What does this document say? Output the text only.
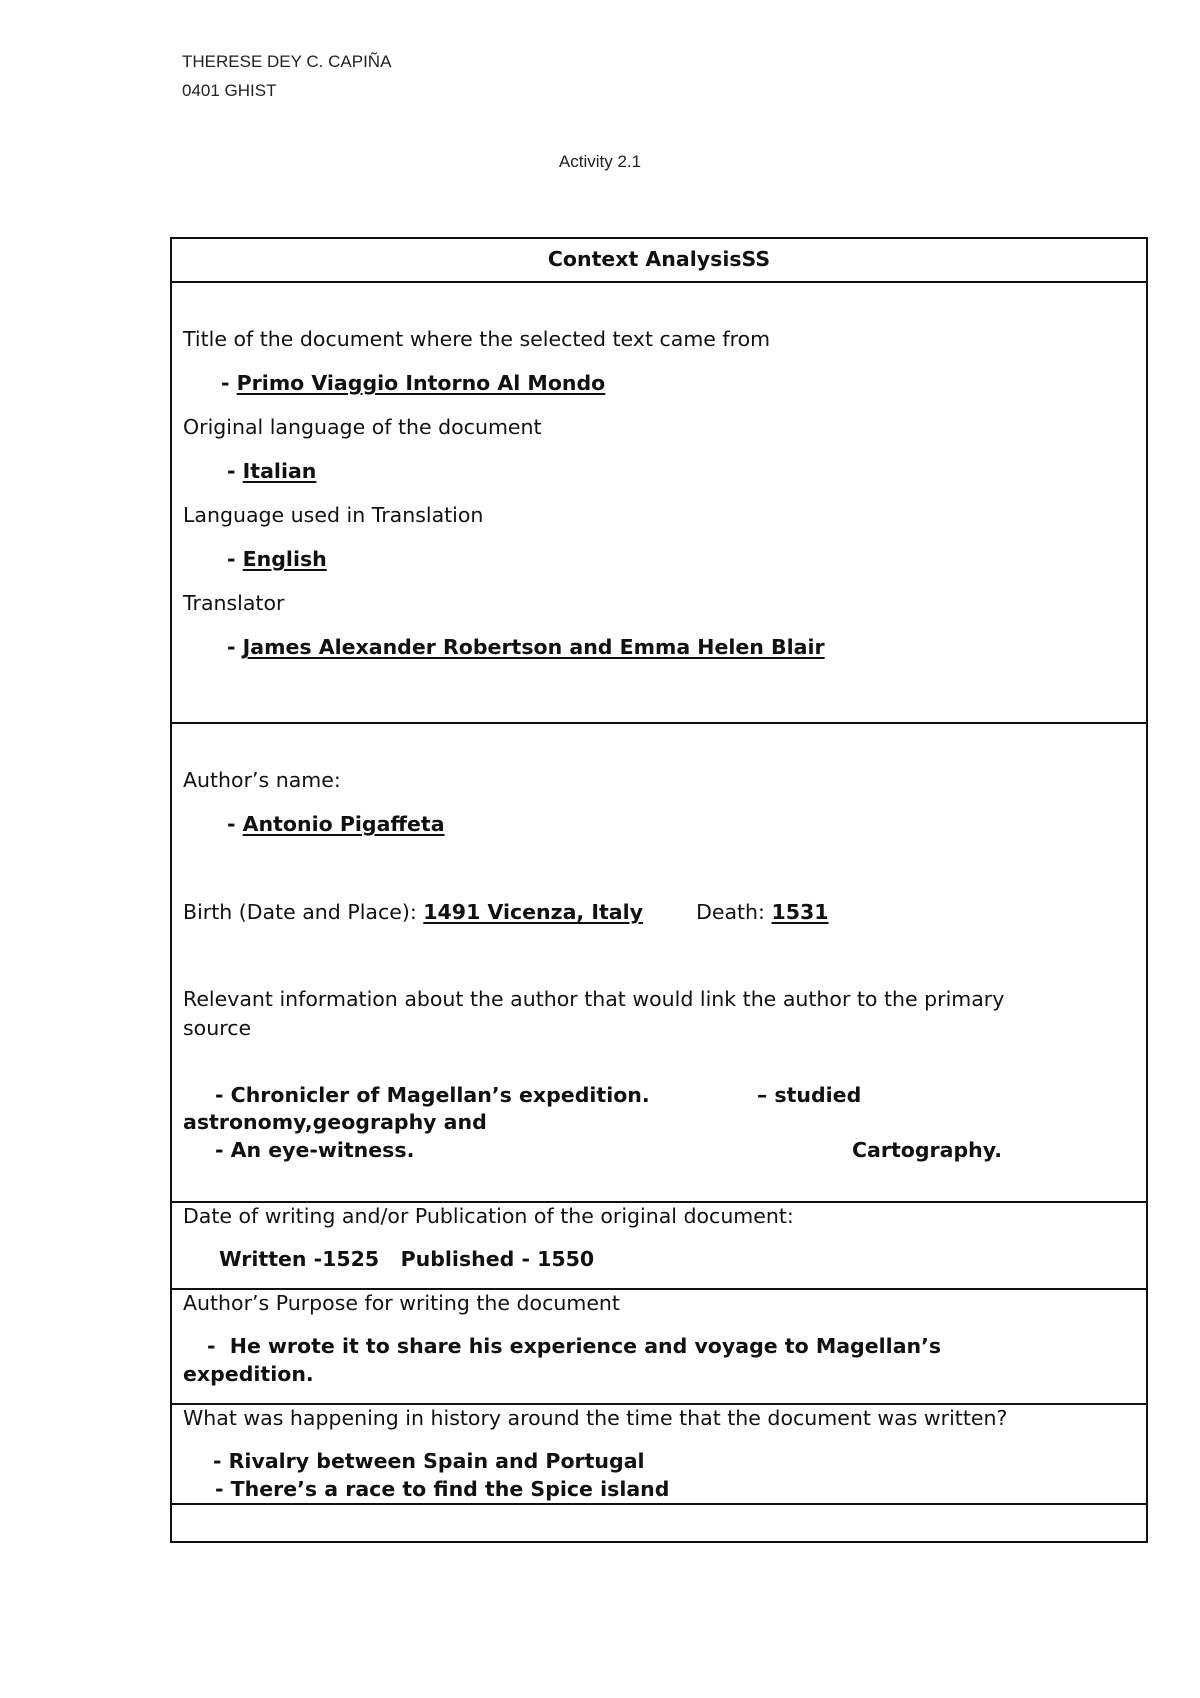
THERESE DEY C. CAPIÑA
0401 GHIST
Activity 2.1
Context AnalysisSS
Title of the document where the selected text came from
- Primo Viaggio Intorno Al Mondo
Original language of the document
- Italian
Language used in Translation
- English
Translator
- James Alexander Robertson and Emma Helen Blair
Author’s name:
- Antonio Pigaffeta
Birth (Date and Place): 1491 Vicenza, Italy	Death: 1531
Relevant information about the author that would link the author to the primary
source
- Chronicler of Magellan’s expedition.	– studied
astronomy,geography and
- An eye-witness.	Cartography.
Date of writing and/or Publication of the original document:
Written -1525   Published - 1550
Author’s Purpose for writing the document
-  He wrote it to share his experience and voyage to Magellan’s
expedition.
What was happening in history around the time that the document was written?
- Rivalry between Spain and Portugal
- There’s a race to find the Spice island
